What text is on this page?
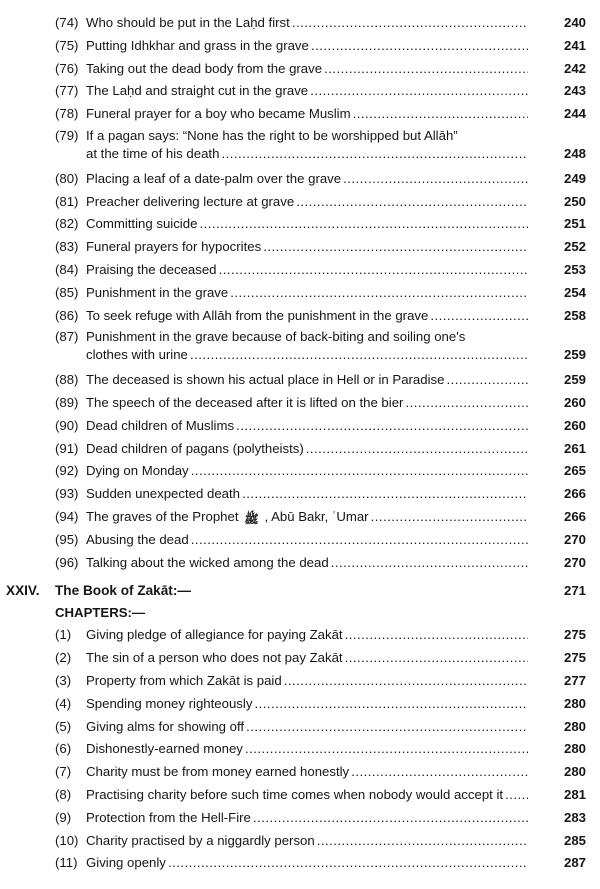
(74) Who should be put in the Laḥd first . . .	240
(75) Putting Idhkhar and grass in the grave . . .	241
(76) Taking out the dead body from the grave . . .	242
(77) The Laḥd and straight cut in the grave . . .	243
(78) Funeral prayer for a boy who became Muslim . . .	244
(79) If a pagan says: “None has the right to be worshipped but Allāh”
at the time of his death . . .	248
(80) Placing a leaf of a date-palm over the grave . . .	249
(81) Preacher delivering lecture at grave . . .	250
(82) Committing suicide . . .	251
(83) Funeral prayers for hypocrites . . .	252
(84) Praising the deceased . . .	253
(85) Punishment in the grave . . .	254
(86) To seek refuge with Allāh from the punishment in the grave . . .	258
(87) Punishment in the grave because of back-biting and soiling one's
clothes with urine . . .	259
(88) The deceased is shown his actual place in Hell or in Paradise . . .	259
(89) The speech of the deceased after it is lifted on the bier . . .	260
(90) Dead children of Muslims . . .	260
(91) Dead children of pagans (polytheists) . . .	261
(92) Dying on Monday . . .	265
(93) Sudden unexpected death . . .	266
(94) The graves of the Prophet ﷺ , Abū Bakr, ʿUmar . . .	266
(95) Abusing the dead . . .	270
(96) Talking about the wicked among the dead . . .	270
XXIV. The Book of Zakāt:—	271
CHAPTERS:—
(1) Giving pledge of allegiance for paying Zakāt . . .	275
(2) The sin of a person who does not pay Zakāt . . .	275
(3) Property from which Zakāt is paid . . .	277
(4) Spending money righteously . . .	280
(5) Giving alms for showing off . . .	280
(6) Dishonestly-earned money . . .	280
(7) Charity must be from money earned honestly . . .	280
(8) Practising charity before such time comes when nobody would accept it . . .	281
(9) Protection from the Hell-Fire . . .	283
(10) Charity practised by a niggardly person . . .	285
(11) Giving openly . . .	287
